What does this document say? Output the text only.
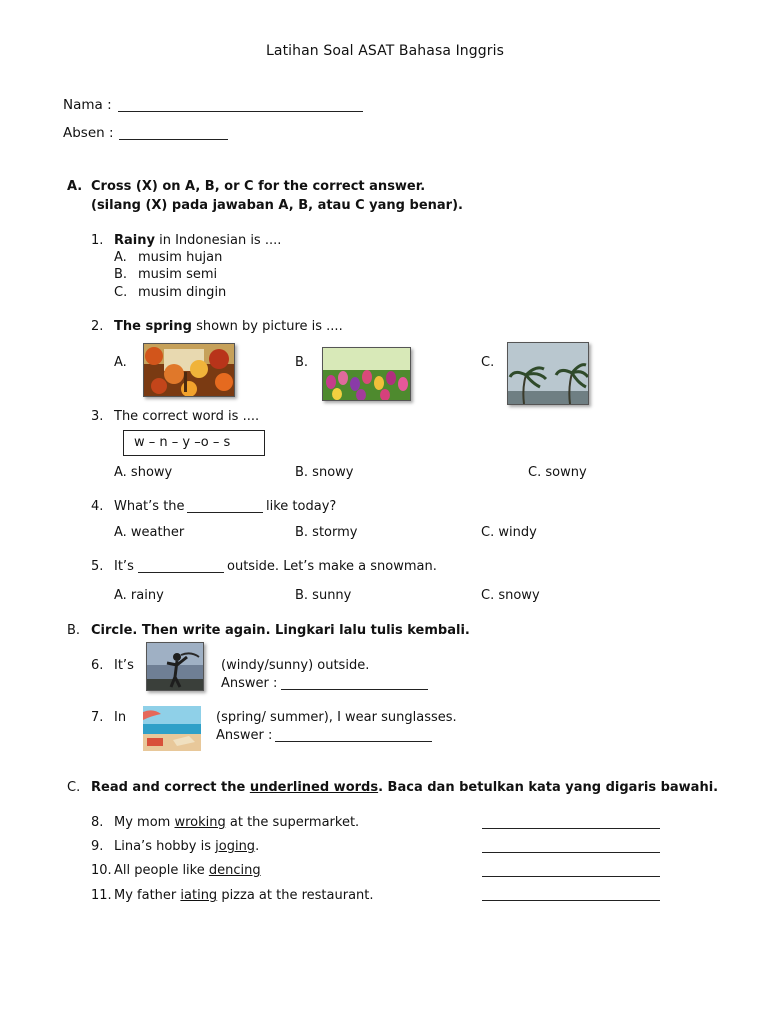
Latihan Soal ASAT Bahasa Inggris
Nama :
Absen :
A. Cross (X) on A, B, or C for the correct answer.
(silang (X) pada jawaban A, B, atau C yang benar).
1. Rainy in Indonesian is ....
A. musim hujan
B. musim semi
C. musim dingin
2. The spring shown by picture is ....
A.	B.	C.
3. The correct word is ....
w – n – y –o – s
A. showy	B. snowy	C. sowny
4. What’s the	like today?
A. weather	B. stormy	C. windy
5. It’s	outside. Let’s make a snowman.
A. rainy	B. sunny	C. snowy
B. Circle. Then write again. Lingkari lalu tulis kembali.
6. It’s	(windy/sunny) outside.
Answer :
7. In	(spring/ summer), I wear sunglasses.
Answer :
C. Read and correct the underlined words. Baca dan betulkan kata yang digaris bawahi.
8. My mom wroking at the supermarket.
9. Lina’s hobby is joging.
10. All people like dencing
11. My father iating pizza at the restaurant.
